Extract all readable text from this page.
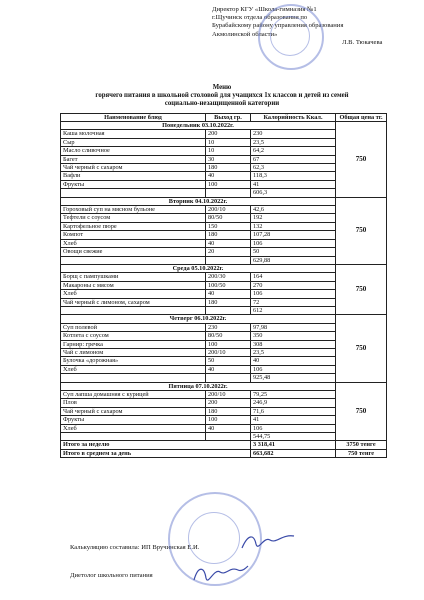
Директор КГУ «Школа-гимназия №1
г.Щучинск отдела образования по
Бурабайскому району управления образования
Акмолинской области»
Л.В. Тюкачева
Меню
горячего питания в школьной столовой для учащихся 1х классов и детей из семей
социально-незащищенной категории
Наименование блюд	Выход гр.	Калорийность Ккал.	Общая цена тг.
Понедельник 03.10.2022г.			750
Каша молочная	200	230	
Сыр	10	23,5	
Масло сливочное	10	64,2	
Багет	30	67	
Чай черный с сахаром	180	62,3	
Вафли	40	118,3	
Фрукты	100	41	
		606,3	
Вторник 04.10.2022г.			750
Гороховый суп на мясном бульоне	200/10	42,6	
Тефтели с соусом	80/50	192	
Картофельное пюре	150	132	
Компот	180	107,28	
Хлеб	40	106	
Овощи свежие	20	50	
		629,88	
Среда 05.10.2022г.			750
Борщ с пампушками	200/30	164	
Макароны с мясом	100/50	270	
Хлеб	40	106	
Чай черный с лимоном, сахаром	180	72	
		612	
Четверг 06.10.2022г.			750
Суп полевой	230	97,98	
Котлета с соусом	80/50	350	
Гарнир: гречка	100	308	
Чай с лимоном	200/10	23,5	
Булочка «дорожная»	50	40	
Хлеб	40	106	
		925,48	
Пятница 07.10.2022г.			750
Суп лапша домашняя с курицей	200/10	79,25	
Плов	200	246,9	
Чай черный с сахаром	180	71,6	
Фрукты	100	41	
Хлеб	40	106	
		544,75	
Итого за неделю		3 318,41	3750 тенге
Итого в среднем за день		663,682	750 тенге
Калькуляцию составила: ИП Вручинская Е.И.
Диетолог школьного питания
